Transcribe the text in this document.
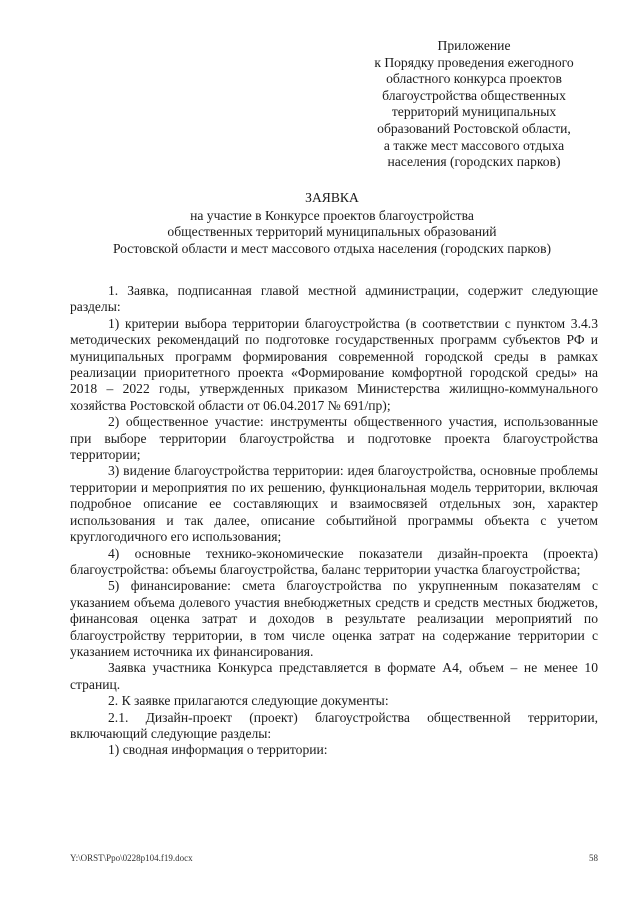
Приложение
к Порядку проведения ежегодного
областного конкурса проектов
благоустройства общественных
территорий муниципальных
образований Ростовской области,
а также мест массового отдыха
населения (городских парков)
ЗАЯВКА
на участие в Конкурсе проектов благоустройства
общественных территорий муниципальных образований
Ростовской области и мест массового отдыха населения (городских парков)

1. Заявка, подписанная главой местной администрации, содержит следующие разделы:

1) критерии выбора территории благоустройства (в соответствии с пунктом 3.4.3 методических рекомендаций по подготовке государственных программ субъектов РФ и муниципальных программ формирования современной городской среды в рамках реализации приоритетного проекта «Формирование комфортной городской среды» на 2018 – 2022 годы, утвержденных приказом Министерства жилищно-коммунального хозяйства Ростовской области от 06.04.2017 № 691/пр);

2) общественное участие: инструменты общественного участия, использованные при выборе территории благоустройства и подготовке проекта благоустройства территории;

3) видение благоустройства территории: идея благоустройства, основные проблемы территории и мероприятия по их решению, функциональная модель территории, включая подробное описание ее составляющих и взаимосвязей отдельных зон, характер использования и так далее, описание событийной программы объекта с учетом круглогодичного его использования;

4) основные технико-экономические показатели дизайн-проекта (проекта) благоустройства: объемы благоустройства, баланс территории участка благоустройства;

5) финансирование: смета благоустройства по укрупненным показателям с указанием объема долевого участия внебюджетных средств и средств местных бюджетов, финансовая оценка затрат и доходов в результате реализации мероприятий по благоустройству территории, в том числе оценка затрат на содержание территории с указанием источника их финансирования.

Заявка участника Конкурса представляется в формате А4, объем – не менее 10 страниц.

2. К заявке прилагаются следующие документы:

2.1. Дизайн-проект (проект) благоустройства общественной территории, включающий следующие разделы:

1) сводная информация о территории:

Y:\ORST\Ppo\0228p104.f19.docx	58
